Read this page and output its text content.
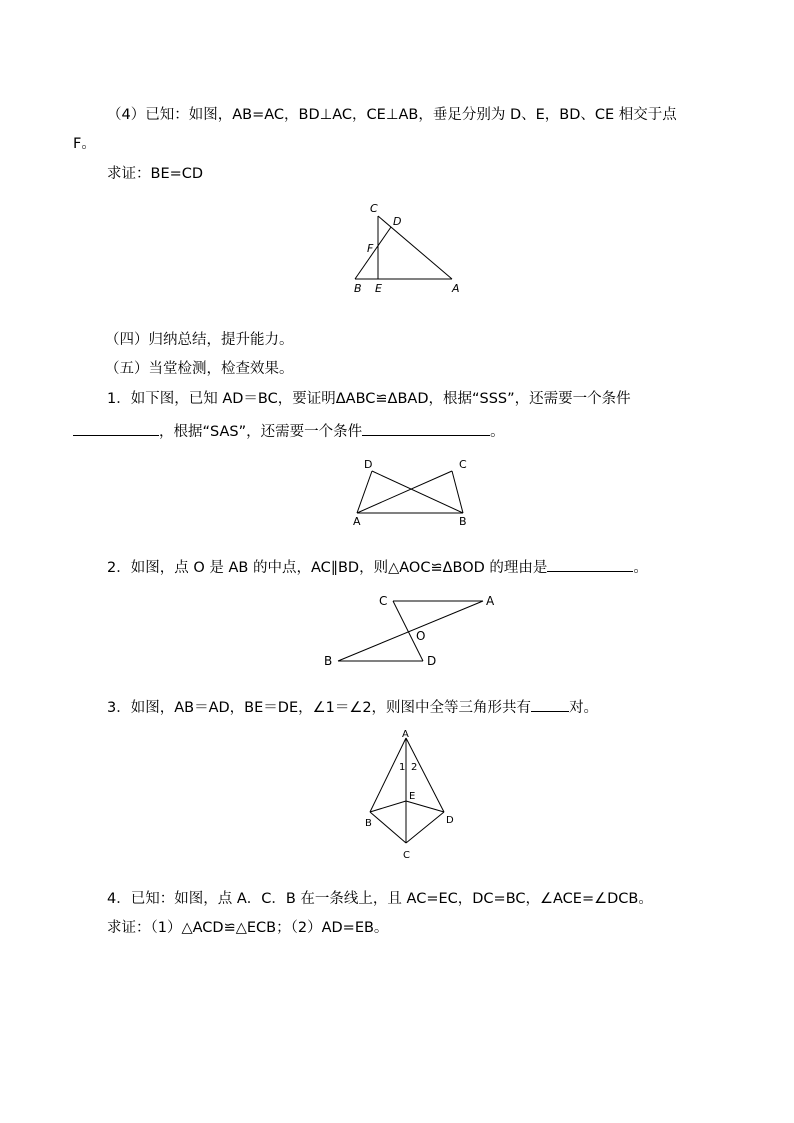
（4）已知：如图，AB=AC，BD⊥AC，CE⊥AB，垂足分别为 D、E，BD、CE 相交于点
F。
求证：BE=CD
C
D
F
B E	A
（四）归纳总结，提升能力。
（五）当堂检测，检查效果。
1．如下图，已知 AD＝BC，要证明ΔABC≌ΔBAD，根据“SSS”，还需要一个条件
，根据“SAS”，还需要一个条件	。
D	C
A	B
2．如图，点 O 是 AB 的中点，AC∥BD，则△AOC≌ΔBOD 的理由是	。
C	A
O
B	D
3．如图，AB＝AD，BE＝DE，∠1＝∠2，则图中全等三角形共有	对。
A
1 2
E
B	D
C
4．已知：如图，点 A．C．B 在一条线上，且 AC=EC，DC=BC，∠ACE=∠DCB。
求证：（1）△ACD≌△ECB；（2）AD=EB。
